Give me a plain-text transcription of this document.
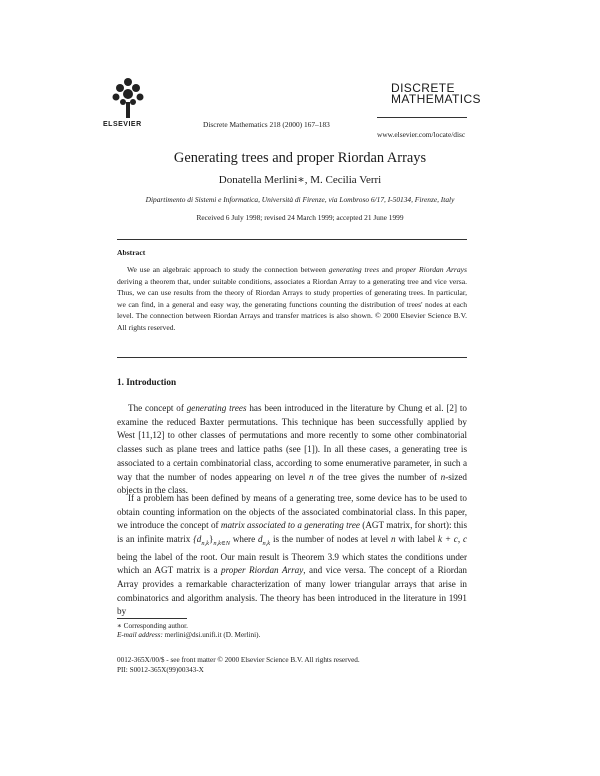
ELSEVIER	Discrete Mathematics 218 (2000) 167–183
DISCRETE
MATHEMATICS
www.elsevier.com/locate/disc
Generating trees and proper Riordan Arrays
Donatella Merlini∗, M. Cecilia Verri
Dipartimento di Sistemi e Informatica, Università di Firenze, via Lombroso 6/17, I-50134, Firenze, Italy
Received 6 July 1998; revised 24 March 1999; accepted 21 June 1999
Abstract
We use an algebraic approach to study the connection between generating trees and proper Riordan Arrays deriving a theorem that, under suitable conditions, associates a Riordan Array to a generating tree and vice versa. Thus, we can use results from the theory of Riordan Arrays to study properties of generating trees. In particular, we can find, in a general and easy way, the generating functions counting the distribution of trees' nodes at each level. The connection between Riordan Arrays and transfer matrices is also shown. © 2000 Elsevier Science B.V. All rights reserved.
1. Introduction
The concept of generating trees has been introduced in the literature by Chung et al. [2] to examine the reduced Baxter permutations. This technique has been successfully applied by West [11,12] to other classes of permutations and more recently to some other combinatorial classes such as plane trees and lattice paths (see [1]). In all these cases, a generating tree is associated to a certain combinatorial class, according to some enumerative parameter, in such a way that the number of nodes appearing on level n of the tree gives the number of n-sized objects in the class.
If a problem has been defined by means of a generating tree, some device has to be used to obtain counting information on the objects of the associated combinatorial class. In this paper, we introduce the concept of matrix associated to a generating tree (AGT matrix, for short): this is an infinite matrix $\{d_{n,k}\}_{n,k\in N}$ where $d_{n,k}$ is the number of nodes at level n with label k + c, c being the label of the root. Our main result is Theorem 3.9 which states the conditions under which an AGT matrix is a proper Riordan Array, and vice versa. The concept of a Riordan Array provides a remarkable characterization of many lower triangular arrays that arise in combinatorics and algorithm analysis. The theory has been introduced in the literature in 1991 by
∗ Corresponding author.
E-mail address: merlini@dsi.unifi.it (D. Merlini).
0012-365X/00/$ - see front matter © 2000 Elsevier Science B.V. All rights reserved.
PII: S0012-365X(99)00343-X
